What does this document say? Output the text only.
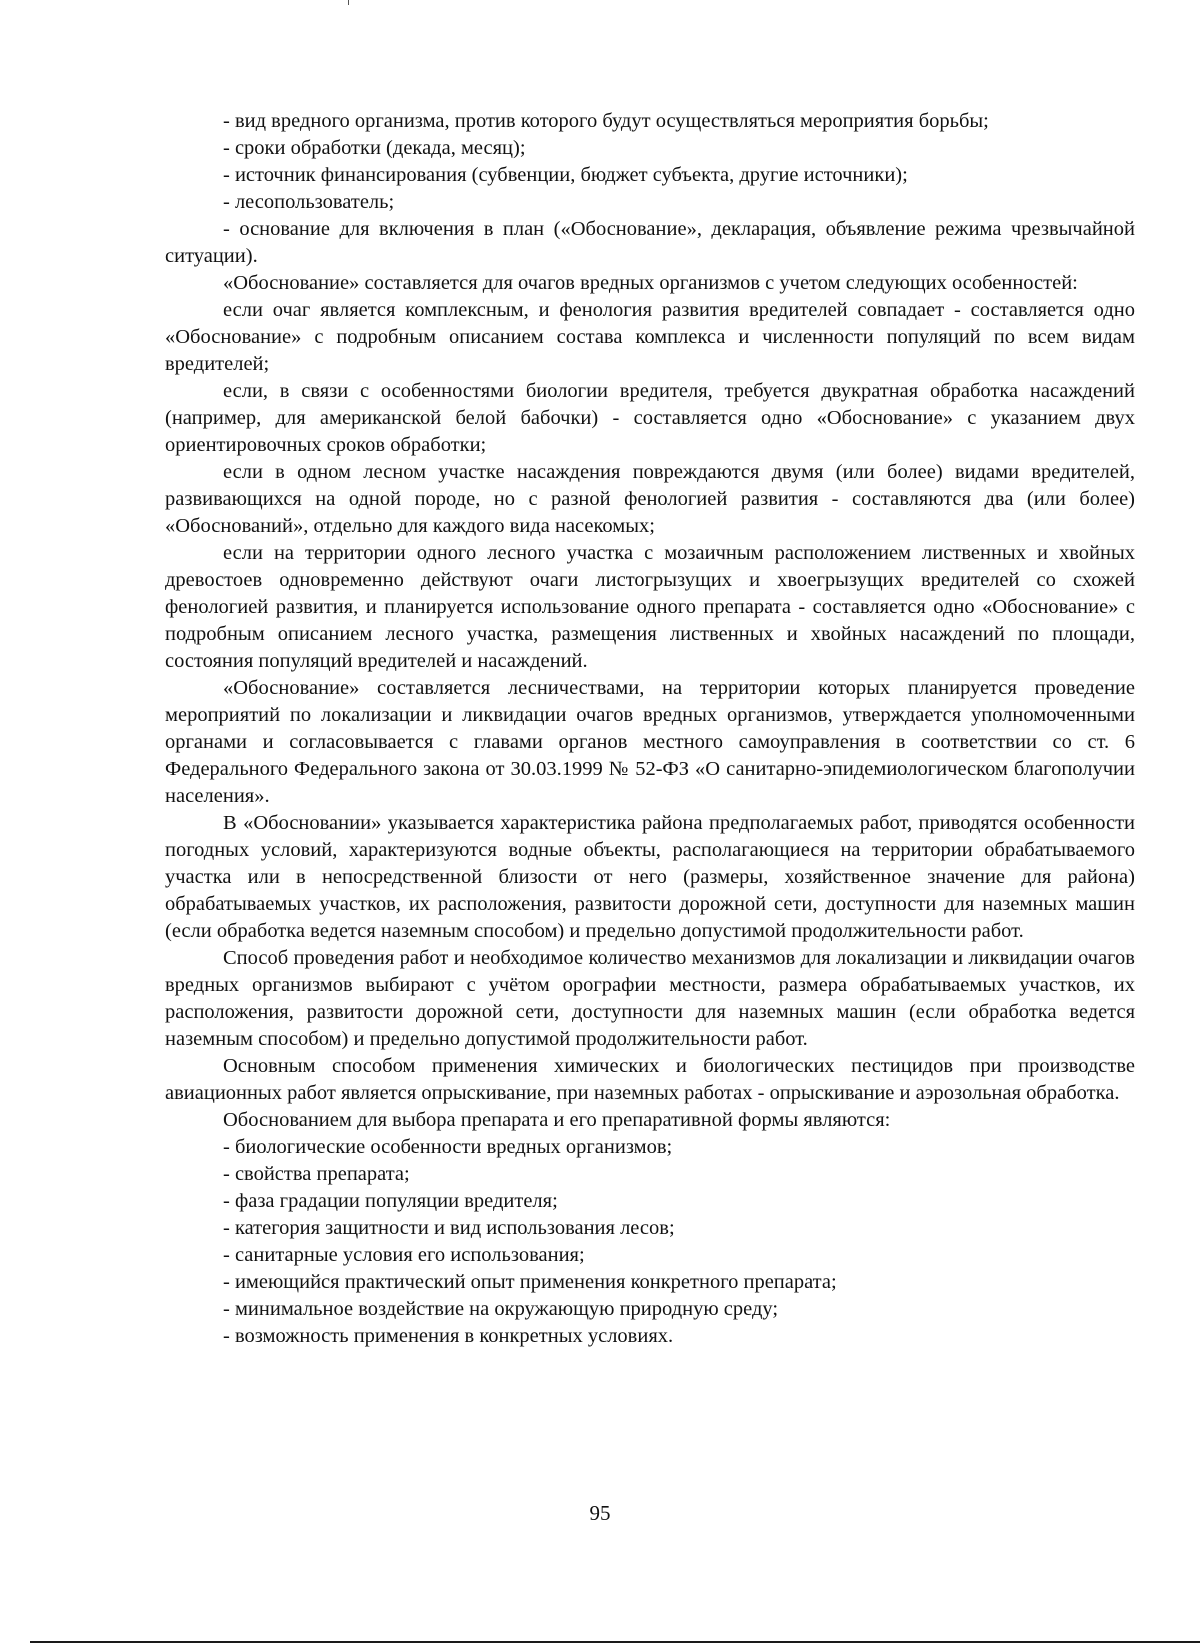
- вид вредного организма, против которого будут осуществляться мероприятия борьбы;

- сроки обработки (декада, месяц);

- источник финансирования (субвенции, бюджет субъекта, другие источники);

- лесопользователь;

- основание для включения в план («Обоснование», декларация, объявление режима чрезвычайной ситуации).

«Обоснование» составляется для очагов вредных организмов с учетом следующих особенностей:

если очаг является комплексным, и фенология развития вредителей совпадает - составляется одно «Обоснование» с подробным описанием состава комплекса и численности популяций по всем видам вредителей;

если, в связи с особенностями биологии вредителя, требуется двукратная обработка насаждений (например, для американской белой бабочки) - составляется одно «Обоснование» с указанием двух ориентировочных сроков обработки;

если в одном лесном участке насаждения повреждаются двумя (или более) видами вредителей, развивающихся на одной породе, но с разной фенологией развития - составляются два (или более) «Обоснований», отдельно для каждого вида насекомых;

если на территории одного лесного участка с мозаичным расположением лиственных и хвойных древостоев одновременно действуют очаги листогрызущих и хвоегрызущих вредителей со схожей фенологией развития, и планируется использование одного препарата - составляется одно «Обоснование» с подробным описанием лесного участка, размещения лиственных и хвойных насаждений по площади, состояния популяций вредителей и насаждений.

«Обоснование» составляется лесничествами, на территории которых планируется проведение мероприятий по локализации и ликвидации очагов вредных организмов, утверждается уполномоченными органами и согласовывается с главами органов местного самоуправления в соответствии со ст. 6 Федерального Федерального закона от 30.03.1999 № 52-ФЗ «О санитарно-эпидемиологическом благополучии населения».

В «Обосновании» указывается характеристика района предполагаемых работ, приводятся особенности погодных условий, характеризуются водные объекты, располагающиеся на территории обрабатываемого участка или в непосредственной близости от него (размеры, хозяйственное значение для района) обрабатываемых участков, их расположения, развитости дорожной сети, доступности для наземных машин (если обработка ведется наземным способом) и предельно допустимой продолжительности работ.

Способ проведения работ и необходимое количество механизмов для локализации и ликвидации очагов вредных организмов выбирают с учётом орографии местности, размера обрабатываемых участков, их расположения, развитости дорожной сети, доступности для наземных машин (если обработка ведется наземным способом) и предельно допустимой продолжительности работ.

Основным способом применения химических и биологических пестицидов при производстве авиационных работ является опрыскивание, при наземных работах - опрыскивание и аэрозольная обработка.

Обоснованием для выбора препарата и его препаративной формы являются:

- биологические особенности вредных организмов;

- свойства препарата;

- фаза градации популяции вредителя;

- категория защитности и вид использования лесов;

- санитарные условия его использования;

- имеющийся практический опыт применения конкретного препарата;

- минимальное воздействие на окружающую природную среду;

- возможность применения в конкретных условиях.

95
